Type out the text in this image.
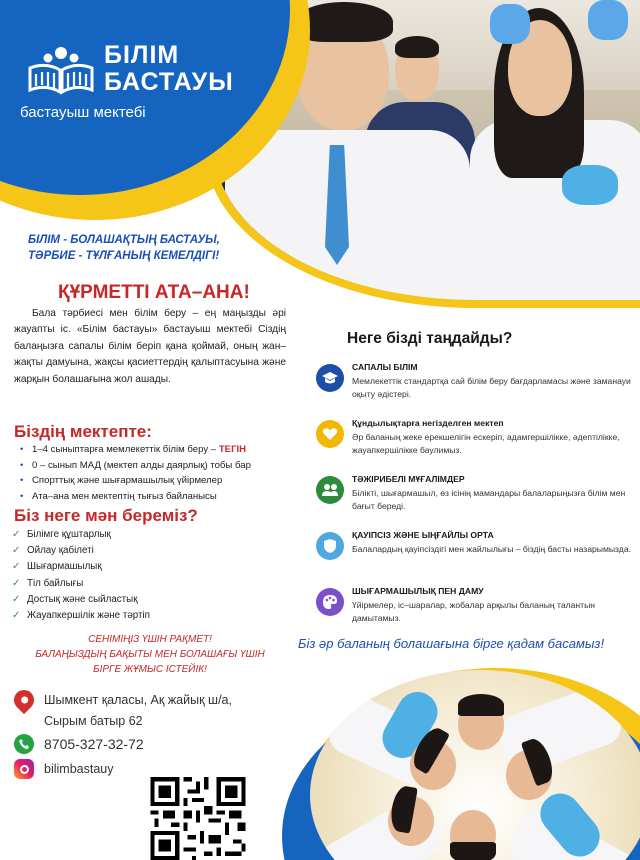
БІЛІМ
БАСТАУЫ
бастауыш мектебі
БІЛІМ - БОЛАШАҚТЫҢ БАСТАУЫ,
ТӘРБИЕ - ТҰЛҒАНЫҢ КЕМЕЛДІГІ!
ҚҰРМЕТТІ АТА–АНА!

Бала тәрбиесі мен білім беру – ең маңызды әрі жауапты іс. «Білім бастауы» бастауыш мектебі Сіздің балаңызға сапалы білім беріп қана қоймай, оның жан–жақты дамуына, жақсы қасиеттердің қалыптасуына және жарқын болашағына жол ашады.

Біздің мектепте:
• 1–4 сыныптарға мемлекеттік білім беру – ТЕГІН
• 0 – сынып МАД (мектеп алды даярлық) тобы бар
• Спорттық және шығармашылық үйірмелер
• Ата–ана мен мектептің тығыз байланысы
Біз неге мән береміз?
✓ Білімге құштарлық
✓ Ойлау қабілеті
✓ Шығармашылық
✓ Тіл байлығы
✓ Достық және сыйластық
✓ Жауапкершілік және тәртіп
СЕНІМІҢІЗ ҮШІН РАҚМЕТ!
БАЛАҢЫЗДЫҢ БАҚЫТЫ МЕН БОЛАШАҒЫ ҮШІН
БІРГЕ ЖҰМЫС ІСТЕЙІК!
Неге бізді таңдайды?
САПАЛЫ БІЛІМ
Мемлекеттік стандартқа сай білім беру бағдарламасы және заманауи оқыту әдістері.
Құндылықтарға негізделген мектеп
Әр баланың жеке ерекшелігін ескеріп, адамгершілікке, әдептілікке, жауапкершілікке баулимыз.
ТӘЖІРИБЕЛІ МҰҒАЛІМДЕР
Білікті, шығармашыл, өз ісінің мамандары балаларыңызға білім мен бағыт береді.
ҚАУІПСІЗ ЖӘНЕ ЫҢҒАЙЛЫ ОРТА
Балалардың қауіпсіздігі мен жайлылығы – біздің басты назарымызда.
ШЫҒАРМАШЫЛЫҚ ПЕН ДАМУ
Үйірмелер, іс–шаралар, жобалар арқылы баланың талантын дамытамыз.
Біз әр баланың болашағына бірге қадам басамыз!
Шымкент қаласы, Ақ жайық ш/а, Сырым батыр 62
8705-327-32-72
bilimbastauy
